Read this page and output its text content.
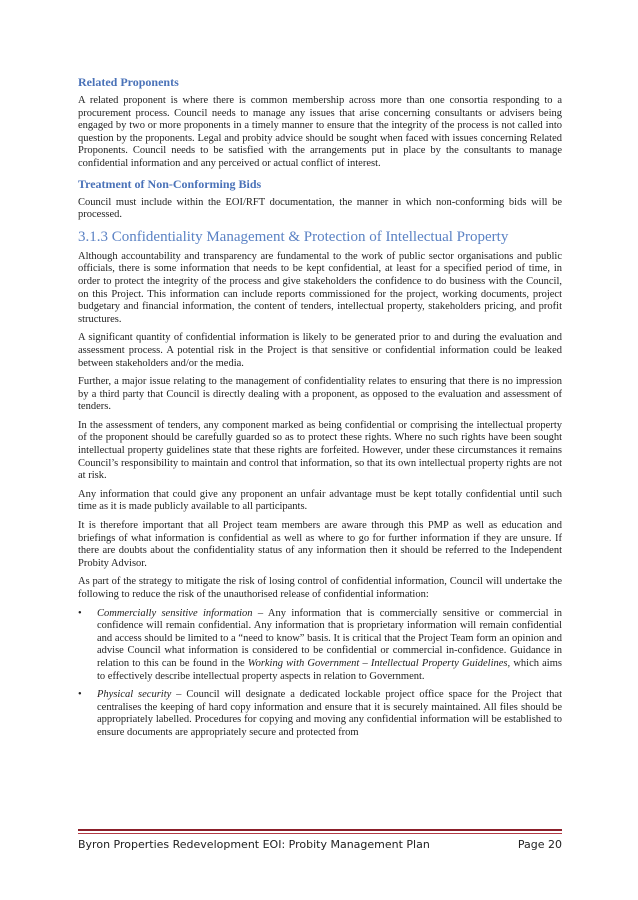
Related Proponents

A related proponent is where there is common membership across more than one consortia responding to a procurement process. Council needs to manage any issues that arise concerning consultants or advisers being engaged by two or more proponents in a timely manner to ensure that the integrity of the process is not called into question by the proponents. Legal and probity advice should be sought when faced with issues concerning Related Proponents. Council needs to be satisfied with the arrangements put in place by the consultants to manage confidential information and any perceived or actual conflict of interest.

Treatment of Non-Conforming Bids

Council must include within the EOI/RFT documentation, the manner in which non-conforming bids will be processed.

3.1.3 Confidentiality Management & Protection of Intellectual Property

Although accountability and transparency are fundamental to the work of public sector organisations and public officials, there is some information that needs to be kept confidential, at least for a specified period of time, in order to protect the integrity of the process and give stakeholders the confidence to do business with the Council, on this Project. This information can include reports commissioned for the project, working documents, project budgetary and financial information, the content of tenders, intellectual property, stakeholders pricing, and profit structures.

A significant quantity of confidential information is likely to be generated prior to and during the evaluation and assessment process. A potential risk in the Project is that sensitive or confidential information could be leaked between stakeholders and/or the media.

Further, a major issue relating to the management of confidentiality relates to ensuring that there is no impression by a third party that Council is directly dealing with a proponent, as opposed to the evaluation and assessment of tenders.

In the assessment of tenders, any component marked as being confidential or comprising the intellectual property of the proponent should be carefully guarded so as to protect these rights. Where no such rights have been sought intellectual property guidelines state that these rights are forfeited. However, under these circumstances it remains Council’s responsibility to maintain and control that information, so that its own intellectual property rights are not at risk.

Any information that could give any proponent an unfair advantage must be kept totally confidential until such time as it is made publicly available to all participants.

It is therefore important that all Project team members are aware through this PMP as well as education and briefings of what information is confidential as well as where to go for further information if they are unsure. If there are doubts about the confidentiality status of any information then it should be referred to the Independent Probity Advisor.

As part of the strategy to mitigate the risk of losing control of confidential information, Council will undertake the following to reduce the risk of the unauthorised release of confidential information:

• Commercially sensitive information – Any information that is commercially sensitive or commercial in confidence will remain confidential. Any information that is proprietary information will remain confidential and access should be limited to a “need to know” basis. It is critical that the Project Team form an opinion and advise Council what information is considered to be confidential or commercial in-confidence. Guidance in relation to this can be found in the Working with Government – Intellectual Property Guidelines, which aims to effectively describe intellectual property aspects in relation to Government.
• Physical security – Council will designate a dedicated lockable project office space for the Project that centralises the keeping of hard copy information and ensure that it is securely maintained. All files should be appropriately labelled. Procedures for copying and moving any confidential information will be established to ensure documents are appropriately secure and protected from
Byron Properties Redevelopment EOI: Probity Management Plan	Page 20
